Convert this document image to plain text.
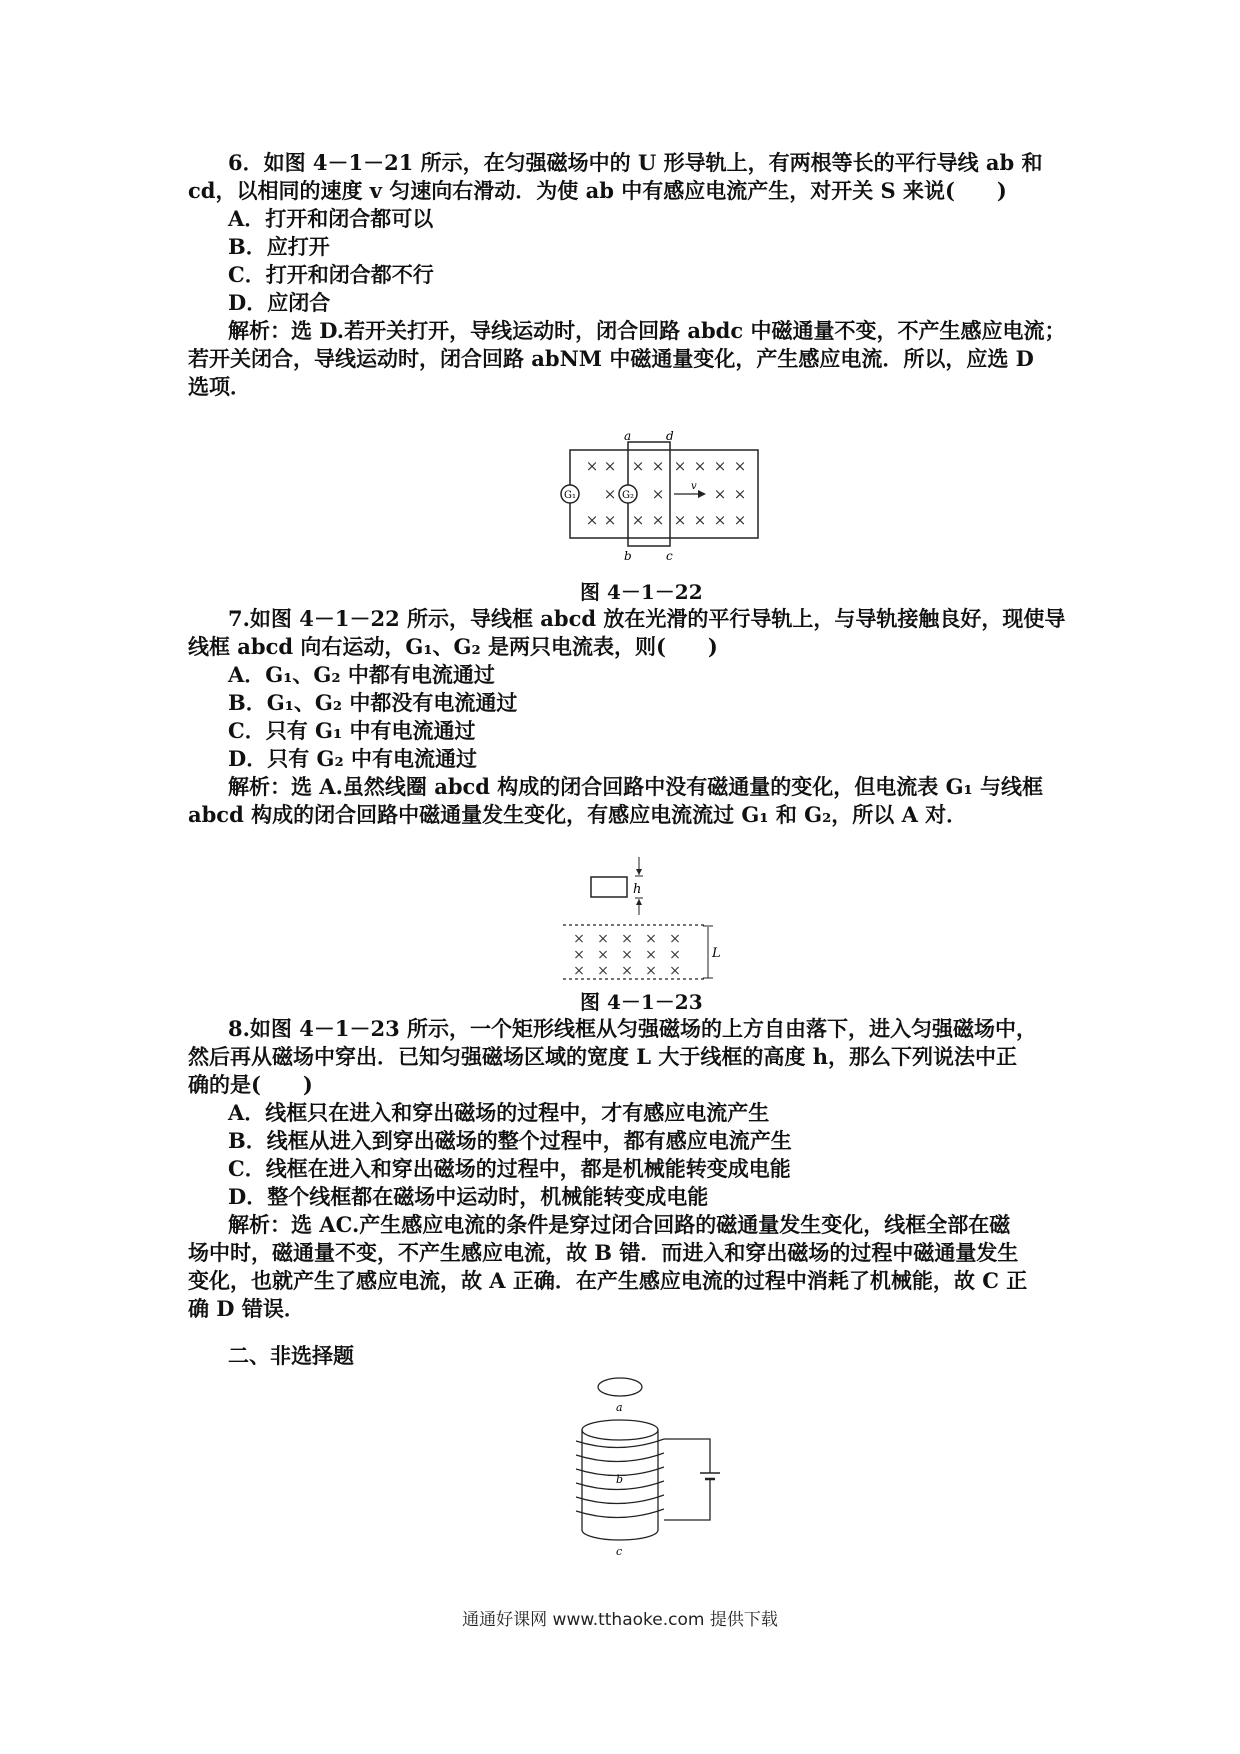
6．如图 4－1－21 所示，在匀强磁场中的 U 形导轨上，有两根等长的平行导线 ab 和
cd，以相同的速度 v 匀速向右滑动．为使 ab 中有感应电流产生，对开关 S 来说(　　)
A．打开和闭合都可以
B．应打开
C．打开和闭合都不行
D．应闭合
解析：选 D.若开关打开，导线运动时，闭合回路 abdc 中磁通量不变，不产生感应电流；
若开关闭合，导线运动时，闭合回路 abNM 中磁通量变化，产生感应电流．所以，应选 D
选项．
× × × × × × × ×
× ×	× ×
× × × × × × × ×
G₁	G₂
v
a	d
b	c
图 4－1－22
7.如图 4－1－22 所示，导线框 abcd 放在光滑的平行导轨上，与导轨接触良好，现使导
线框 abcd 向右运动，G₁、G₂ 是两只电流表，则(　　)
A．G₁、G₂ 中都有电流通过
B．G₁、G₂ 中都没有电流通过
C．只有 G₁ 中有电流通过
D．只有 G₂ 中有电流通过
解析：选 A.虽然线圈 abcd 构成的闭合回路中没有磁通量的变化，但电流表 G₁ 与线框
abcd 构成的闭合回路中磁通量发生变化，有感应电流流过 G₁ 和 G₂，所以 A 对．
h
× × × × ×
× × × × ×
× × × × ×
L
图 4－1－23
8.如图 4－1－23 所示，一个矩形线框从匀强磁场的上方自由落下，进入匀强磁场中，
然后再从磁场中穿出．已知匀强磁场区域的宽度 L 大于线框的高度 h，那么下列说法中正
确的是(　　)
A．线框只在进入和穿出磁场的过程中，才有感应电流产生
B．线框从进入到穿出磁场的整个过程中，都有感应电流产生
C．线框在进入和穿出磁场的过程中，都是机械能转变成电能
D．整个线框都在磁场中运动时，机械能转变成电能
解析：选 AC.产生感应电流的条件是穿过闭合回路的磁通量发生变化，线框全部在磁
场中时，磁通量不变，不产生感应电流，故 B 错．而进入和穿出磁场的过程中磁通量发生
变化，也就产生了感应电流，故 A 正确．在产生感应电流的过程中消耗了机械能，故 C 正
确 D 错误．
二、非选择题
a
b
c
通通好课网 www.tthaoke.com 提供下载
